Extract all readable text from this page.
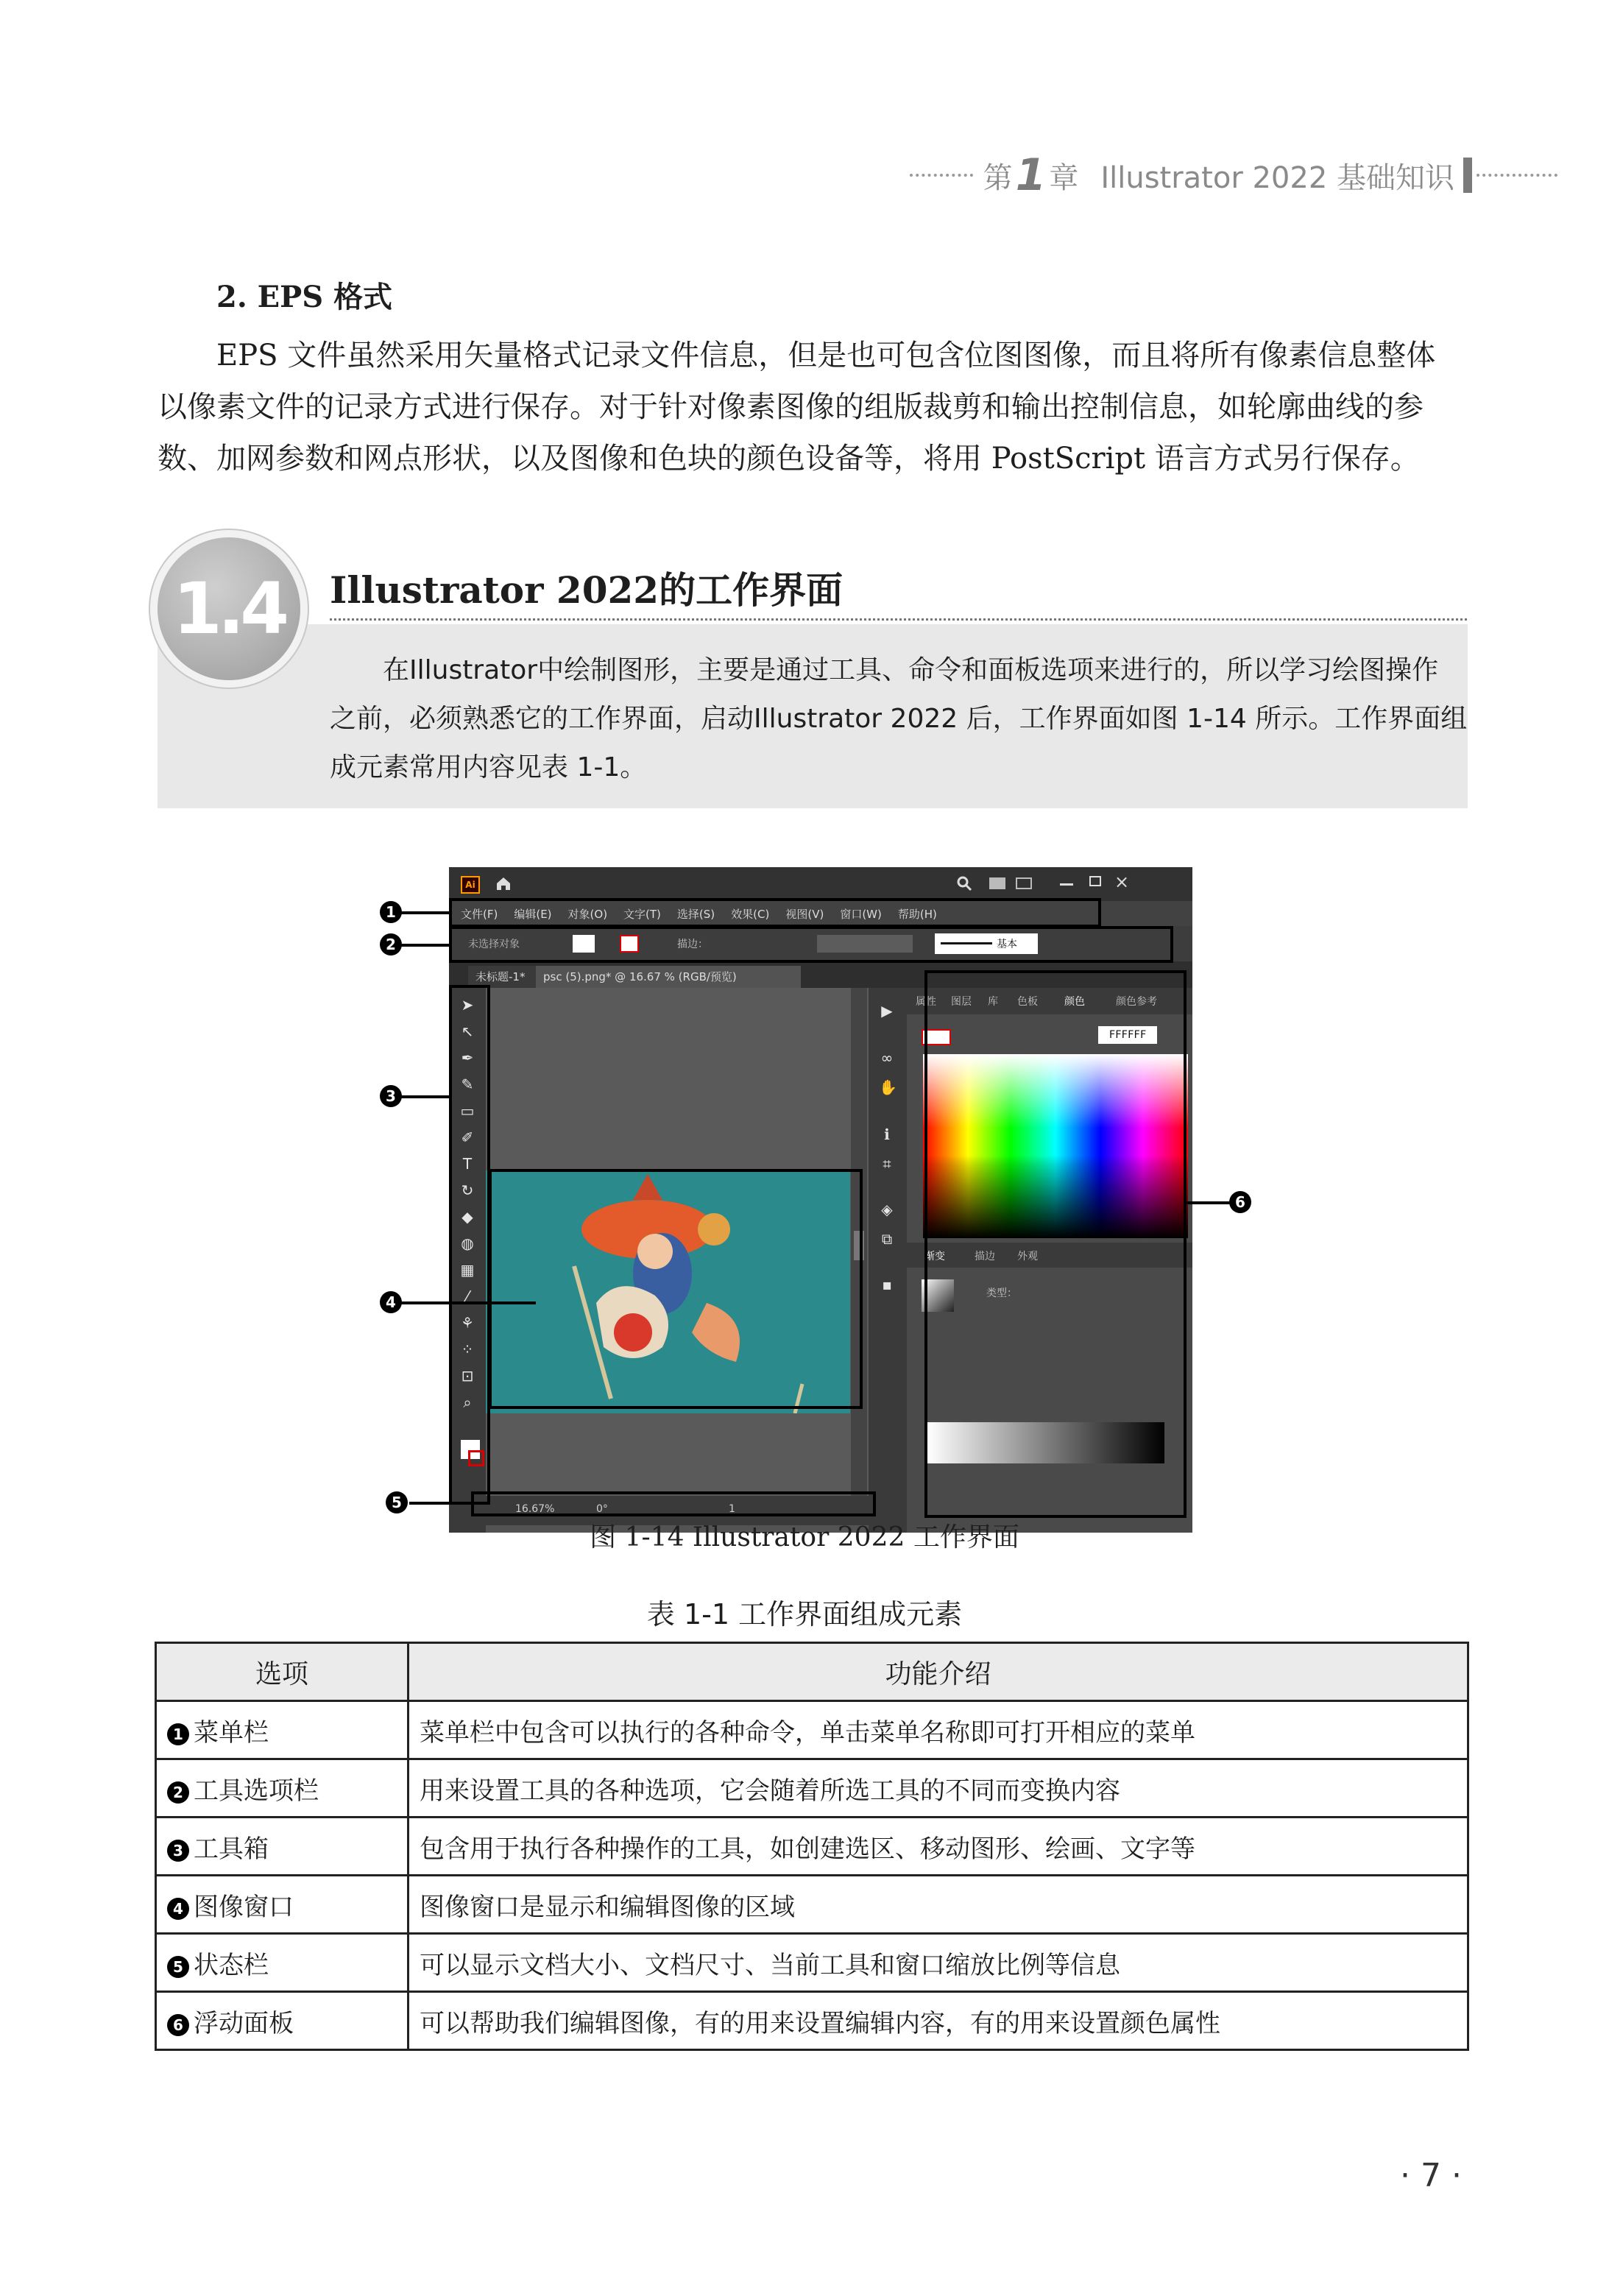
第 1 章 Illustrator 2022 基础知识
2. EPS 格式
EPS 文件虽然采用矢量格式记录文件信息，但是也可包含位图图像，而且将所有像素信息整体
以像素文件的记录方式进行保存。对于针对像素图像的组版裁剪和输出控制信息，如轮廓曲线的参
数、加网参数和网点形状，以及图像和色块的颜色设备等，将用 PostScript 语言方式另行保存。
1.4 Illustrator 2022的工作界面
在Illustrator中绘制图形，主要是通过工具、命令和面板选项来进行的，所以学习绘图操作
之前，必须熟悉它的工作界面，启动Illustrator 2022 后，工作界面如图 1-14 所示。工作界面组
成元素常用内容见表 1-1。
Ai	×
文件(F) 编辑(E) 对象(O) 文字(T) 选择(S) 效果(C) 视图(V) 窗口(W) 帮助(H)
未选择对象	描边：	基本
未标题-1*	psc (5).png* @ 16.67 % (RGB/预览)
➤
↖
✒
✎
▭
✐
T
↻
◆
◍
▦
⁄
⚘
⁘
⊡
⌕
16.67%	0°	1
▶
∞
✋
ℹ
⌗
◈
⧉
▪
属性 图层 库 色板	颜色	颜色参考
FFFFFF
渐变	描边 外观
类型：
1
2
3
4
5
6
图 1-14 Illustrator 2022 工作界面
表 1-1 工作界面组成元素
选项	功能介绍
1 菜单栏	菜单栏中包含可以执行的各种命令，单击菜单名称即可打开相应的菜单
2 工具选项栏	用来设置工具的各种选项，它会随着所选工具的不同而变换内容
3 工具箱	包含用于执行各种操作的工具，如创建选区、移动图形、绘画、文字等
4 图像窗口	图像窗口是显示和编辑图像的区域
5 状态栏	可以显示文档大小、文档尺寸、当前工具和窗口缩放比例等信息
6 浮动面板	可以帮助我们编辑图像，有的用来设置编辑内容，有的用来设置颜色属性
· 7 ·
